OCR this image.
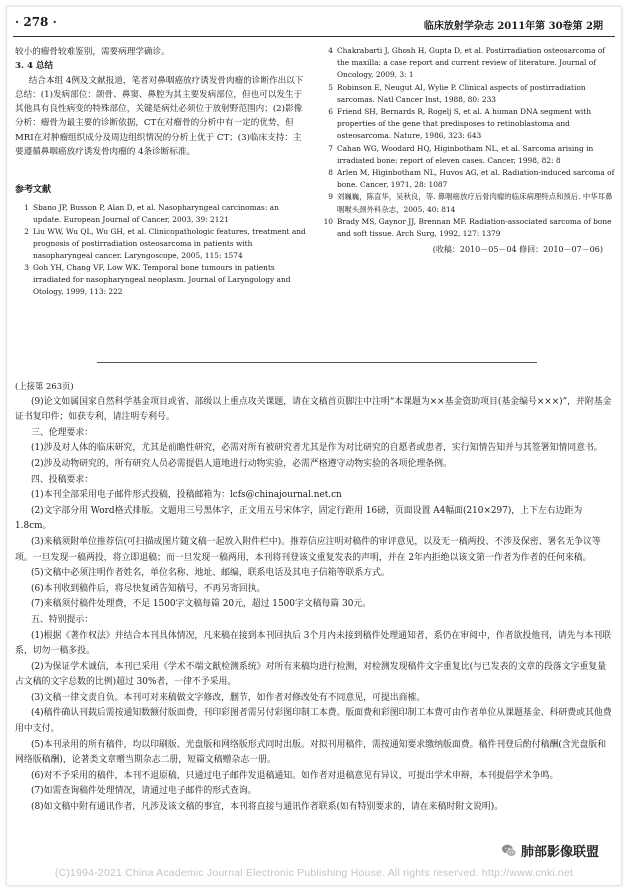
· 278 ·	临床放射学杂志 2011年第 30卷第 2期

较小的瘤骨较难鉴别，需要病理学确诊。

3. 4 总结

结合本组 4例及文献报道，笔者对鼻咽癌放疗诱发骨肉瘤的诊断作出以下总结：(1)发病部位：颌骨、鼻窦、鼻腔为其主要发病部位，但也可以发生于其他具有良性病变的特殊部位，关键是病灶必须位于放射野范围内；(2)影像分析：瘤骨为最主要的诊断依据，CT在对瘤骨的分析中有一定的优势，但 MRI在对肿瘤组织成分及周边组织情况的分析上优于 CT；(3)临床支持：主要遵循鼻咽癌放疗诱发骨肉瘤的 4条诊断标准。

参考文献
1 Sbano JP, Busson P, Alan D, et al. Nasopharyngeal carcinomas: an update. European Journal of Cancer, 2003, 39: 2121
2 Liu WW, Wu QL, Wu GH, et al. Clinicopathologic features, treatment and prognosis of postirradiation osteosarcoma in patients with nasopharyngeal cancer. Laryngoscope, 2005, 115: 1574
3 Goh YH, Chang VF, Low WK. Temporal bone tumours in patients irradiated for nasopharyngeal neoplasm. Journal of Laryngology and Otology, 1999, 113: 222
4 Chakrabarti J, Ghosh H, Gupta D, et al. Postirradiation osteosarcoma of the maxilla: a case report and current review of literature. Journal of Oncology, 2009, 3: 1
5 Robinson E, Neugut AI, Wylie P. Clinical aspects of postirradiation sarcomas. Natl Cancer Inst, 1988, 80: 233
6 Friend SH, Bernards R, Rogelj S, et al. A human DNA segment with properties of the gene that predisposes to retinoblastoma and osteosarcoma. Nature, 1986, 323: 643
7 Cahan WG, Woodard HQ, Higinbotham NL, et al. Sarcoma arising in irradiated bone: report of eleven cases. Cancer, 1998, 82: 8
8 Arlen M, Higinbotham NL, Huvos AG, et al. Radiation-induced sarcoma of bone. Cancer, 1971, 28: 1087
9 刘巍巍，陈直华，吴秋良，等. 鼻咽癌放疗后骨肉瘤的临床病理特点和预后. 中华耳鼻咽喉头颈外科杂志，2005, 40: 814
10 Brady MS, Gaynor JJ, Brennan MF. Radiation-associated sarcoma of bone and soft tissue. Arch Surg, 1992, 127: 1379
(收稿：2010－05－04 修回：2010－07－06)

(上接第 263页)

(9)论文如属国家自然科学基金项目或省、部级以上重点攻关课题，请在文稿首页脚注中注明“本课题为××基金资助项目(基金编号×××)”，并附基金证书复印件；如获专利，请注明专利号。

三、伦理要求：

(1)涉及对人体的临床研究，尤其是前瞻性研究，必需对所有被研究者尤其是作为对比研究的自愿者或患者，实行知情告知并与其签署知情同意书。

(2)涉及动物研究的，所有研究人员必需提倡人道地进行动物实验，必需严格遵守动物实验的各项伦理条例。

四、投稿要求：

(1)本刊全部采用电子邮件形式投稿，投稿邮箱为：lcfs@chinajournal.net.cn

(2)文字部分用 Word格式排版。文题用三号黑体字，正文用五号宋体字，固定行距用 16磅，页面设置 A4幅面(210×297)，上下左右边距为 1.8cm。

(3)来稿须附单位推荐信(可扫描成图片随文稿一起放入附件栏中)。推荐信应注明对稿件的审评意见，以及无一稿两投、不涉及保密、署名无争议等项。一旦发现一稿两投，将立即退稿；而一旦发现一稿两用，本刊将刊登该文重复发表的声明，并在 2年内拒绝以该文第一作者为作者的任何来稿。

(5)文稿中必须注明作者姓名，单位名称、地址、邮编，联系电话及其电子信箱等联系方式。

(6)本刊收到稿件后，将尽快复函告知稿号，不再另寄回执。

(7)来稿须付稿件处理费，不足 1500字文稿每篇 20元，超过 1500字文稿每篇 30元。

五、特别提示：

(1)根据《著作权法》并结合本刊具体情况，凡来稿在接到本刊回执后 3个月内未接到稿件处理通知者，系仍在审阅中，作者欲投他刊，请先与本刊联系，切勿一稿多投。

(2)为保证学术诚信，本刊已采用《学术不端文献检测系统》对所有来稿均进行检测，对检测发现稿件文字重复比(与已发表的文章的段落文字重复量占文稿的文字总数的比例)超过 30%者，一律不予采用。

(3)文稿一律文责自负。本刊可对来稿做文字修改，删节，如作者对修改处有不同意见，可提出商榷。

(4)稿件确认刊载后需按通知数额付版面费，刊印彩图者需另付彩图印制工本费。版面费和彩图印制工本费可由作者单位从课题基金、科研费或其他费用中支付。

(5)本刊录用的所有稿件，均以印刷版、光盘版和网络版形式同时出版。对拟刊用稿件，需按通知要求缴纳版面费。稿件刊登后酌付稿酬(含光盘版和网络版稿酬)，论著类文章赠当期杂志二册，短篇文稿赠杂志一册。

(6)对不予采用的稿件，本刊不退原稿，只通过电子邮件发退稿通知。如作者对退稿意见有异议，可提出学术申辩，本刊提倡学术争鸣。

(7)如需查询稿件处理情况，请通过电子邮件的形式查询。

(8)如文稿中附有通讯作者，凡涉及该文稿的事宜，本刊将直接与通讯作者联系(如有特别要求的，请在来稿时附文说明)。

(C)1994-2021 China Academic Journal Electronic Publishing House. All rights reserved. http://www.cnki.net
肺部影像联盟
